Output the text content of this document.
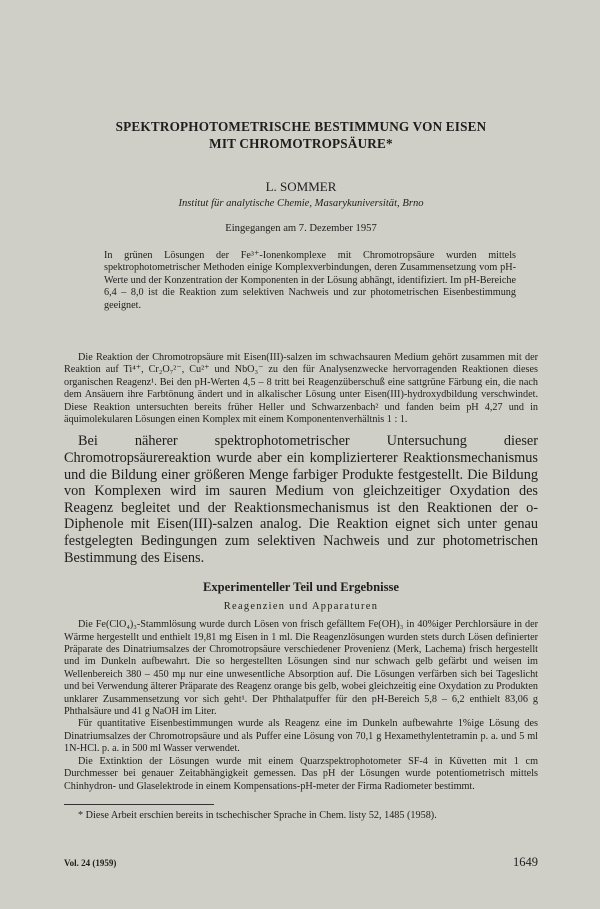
SPEKTROPHOTOMETRISCHE BESTIMMUNG VON EISEN
MIT CHROMOTROPSÄURE*
L. SOMMER
Institut für analytische Chemie, Masarykuniversität, Brno
Eingegangen am 7. Dezember 1957
In grünen Lösungen der Fe³⁺-Ionenkomplexe mit Chromotropsäure wurden mittels spektrophotometrischer Methoden einige Komplexverbindungen, deren Zusammensetzung vom pH-Werte und der Konzentration der Komponenten in der Lösung abhängt, identifiziert. Im pH-Bereiche 6,4 – 8,0 ist die Reaktion zum selektiven Nachweis und zur photometrischen Eisenbestimmung geeignet.
Die Reaktion der Chromotropsäure mit Eisen(III)-salzen im schwachsauren Medium gehört zusammen mit der Reaktion auf Ti⁴⁺, Cr₂O₇²⁻, Cu²⁺ und NbO₃⁻ zu den für Analysenzwecke hervorragenden Reaktionen dieses organischen Reagenz¹. Bei den pH-Werten 4,5 – 8 tritt bei Reagenzüberschuß eine sattgrüne Färbung ein, die nach dem Ansäuern ihre Farbtönung ändert und in alkalischer Lösung unter Eisen(III)-hydroxydbildung verschwindet. Diese Reaktion untersuchten bereits früher Heller und Schwarzenbach² und fanden beim pH 4,27 und in äquimolekularen Lösungen einen Komplex mit einem Komponentenverhältnis 1 : 1.
Bei näherer spektrophotometrischer Untersuchung dieser Chromotropsäurereaktion wurde aber ein komplizierterer Reaktionsmechanismus und die Bildung einer größeren Menge farbiger Produkte festgestellt. Die Bildung von Komplexen wird im sauren Medium von gleichzeitiger Oxydation des Reagenz begleitet und der Reaktionsmechanismus ist den Reaktionen der o-Diphenole mit Eisen(III)-salzen analog. Die Reaktion eignet sich unter genau festgelegten Bedingungen zum selektiven Nachweis und zur photometrischen Bestimmung des Eisens.
Experimenteller Teil und Ergebnisse
Reagenzien und Apparaturen

Die Fe(ClO₄)₃-Stammlösung wurde durch Lösen von frisch gefälltem Fe(OH)₃ in 40%iger Perchlorsäure in der Wärme hergestellt und enthielt 19,81 mg Eisen in 1 ml. Die Reagenzlösungen wurden stets durch Lösen definierter Präparate des Dinatriumsalzes der Chromotropsäure verschiedener Provenienz (Merk, Lachema) frisch hergestellt und im Dunkeln aufbewahrt. Die so hergestellten Lösungen sind nur schwach gelb gefärbt und weisen im Wellenbereich 380 – 450 mμ nur eine unwesentliche Absorption auf. Die Lösungen verfärben sich bei Tageslicht und bei Verwendung älterer Präparate des Reagenz orange bis gelb, wobei gleichzeitig eine Oxydation zu Produkten unklarer Zusammensetzung vor sich geht¹. Der Phthalatpuffer für den pH-Bereich 5,8 – 6,2 enthielt 83,06 g Phthalsäure und 41 g NaOH im Liter.

Für quantitative Eisenbestimmungen wurde als Reagenz eine im Dunkeln aufbewahrte 1%ige Lösung des Dinatriumsalzes der Chromotropsäure und als Puffer eine Lösung von 70,1 g Hexamethylentetramin p. a. und 5 ml 1N-HCl. p. a. in 500 ml Wasser verwendet.

Die Extinktion der Lösungen wurde mit einem Quarzspektrophotometer SF-4 in Küvetten mit 1 cm Durchmesser bei genauer Zeitabhängigkeit gemessen. Das pH der Lösungen wurde potentiometrisch mittels Chinhydron- und Glaselektrode in einem Kompensations-pH-meter der Firma Radiometer bestimmt.

* Diese Arbeit erschien bereits in tschechischer Sprache in Chem. listy 52, 1485 (1958).
Vol. 24 (1959)	1649
